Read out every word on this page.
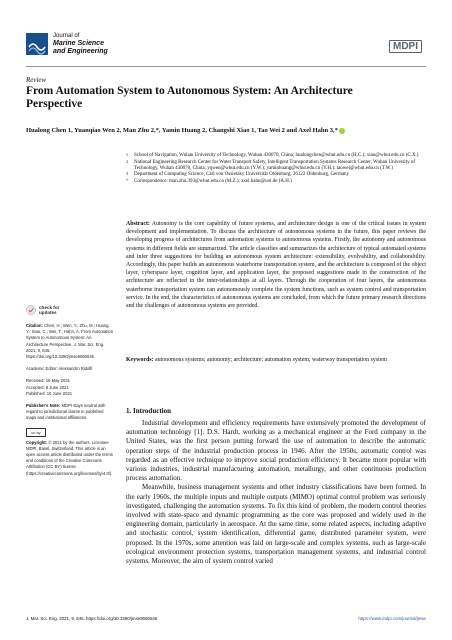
Journal of
Marine Science
and Engineering	MDPI
Review
From Automation System to Autonomous System: An Architecture Perspective
Hualong Chen 1, Yuanqiao Wen 2, Man Zhu 2,*, Yamin Huang 2, Changshi Xiao 1, Tao Wei 2 and Axel Hahn 3,*
1 School of Navigation, Wuhan University of Technology, Wuhan 430070, China; hualongchen@whut.edu.cn (H.C.); xiao@whut.edu.cn (C.X.)
2 National Engineering Research Center for Water Transport Safety, Intelligent Transportation Systems Research Center, Wuhan University of Technology, Wuhan 430070, China; yqwen@whut.edu.cn (Y.W.); yaminhuang@whut.edu.cn (Y.H.); taowei@whut.edu.cn (T.W.)
3 Department of Computing Science, Carl von Ossietzky Universität Oldenburg, 26122 Oldenburg, Germany
* Correspondence: man.zhu.393@whut.edu.cn (M.Z.); axel.hahn@uol.de (A.H.)
Abstract: Autonomy is the core capability of future systems, and architecture design is one of the critical issues in system development and implementation. To discuss the architecture of autonomous systems in the future, this paper reviews the developing progress of architectures from automation systems to autonomous systems. Firstly, the autonomy and autonomous systems in different fields are summarized. The article classifies and summarizes the architecture of typical automated systems and infer three suggestions for building an autonomous system architecture: extensibility, evolvability, and collaborability. Accordingly, this paper builds an autonomous waterborne transportation system, and the architecture is composed of the object layer, cyberspace layer, cognition layer, and application layer, the proposed suggestions made in the construction of the architecture are reflected in the inter-relationships at all layers. Through the cooperation of four layers, the autonomous waterborne transportation system can autonomously complete the system functions, such as system control and transportation service. In the end, the characteristics of autonomous systems are concluded, from which the future primary research directions and the challenges of autonomous systems are provided.
Keywords: autonomous systems; autonomy; architecture; automation system; waterway transportation system
check for
updates
Citation: Chen, H.; Wen, Y.; Zhu, M.; Huang, Y.; Xiao, C.; Wei, T.; Hahn, A. From Automation System to Autonomous System: An Architecture Perspective. J. Mar. Sci. Eng. 2021, 9, 645. https://doi.org/10.3390/jmse9060645
Academic Editor: Alessandro Ridolfi
Received: 16 May 2021
Accepted: 8 June 2021
Published: 10 June 2021
Publisher's Note: MDPI stays neutral with regard to jurisdictional claims in published maps and institutional affiliations.
cc by
Copyright: © 2021 by the authors. Licensee MDPI, Basel, Switzerland. This article is an open access article distributed under the terms and conditions of the Creative Commons Attribution (CC BY) license (https://creativecommons.org/licenses/by/4.0/).
1. Introduction

Industrial development and efficiency requirements have extensively promoted the development of automation technology [1]. D.S. Hardt, working as a mechanical engineer at the Ford company in the United States, was the first person putting forward the use of automation to describe the automatic operation steps of the industrial production process in 1946. After the 1950s, automatic control was regarded as an effective technique to improve social production efficiency. It became more popular with various industries, industrial manufacturing automation, metallurgy, and other continuous production process automation.

Meanwhile, business management systems and other industry classifications have been formed. In the early 1960s, the multiple inputs and multiple outputs (MIMO) optimal control problem was seriously investigated, challenging the automation systems. To fix this kind of problem, the modern control theories involved with state-space and dynamic programming as the core was proposed and widely used in the engineering domain, particularly in aerospace. At the same time, some related aspects, including adaptive and stochastic control, system identification, differential game, distributed parameter system, were proposed. In the 1970s, some attention was laid on large-scale and complex systems, such as large-scale ecological environment protection systems, transportation management systems, and industrial control systems. Moreover, the aim of system control varied

J. Mar. Sci. Eng. 2021, 9, 645. https://doi.org/10.3390/jmse9060645	https://www.mdpi.com/journal/jmse
